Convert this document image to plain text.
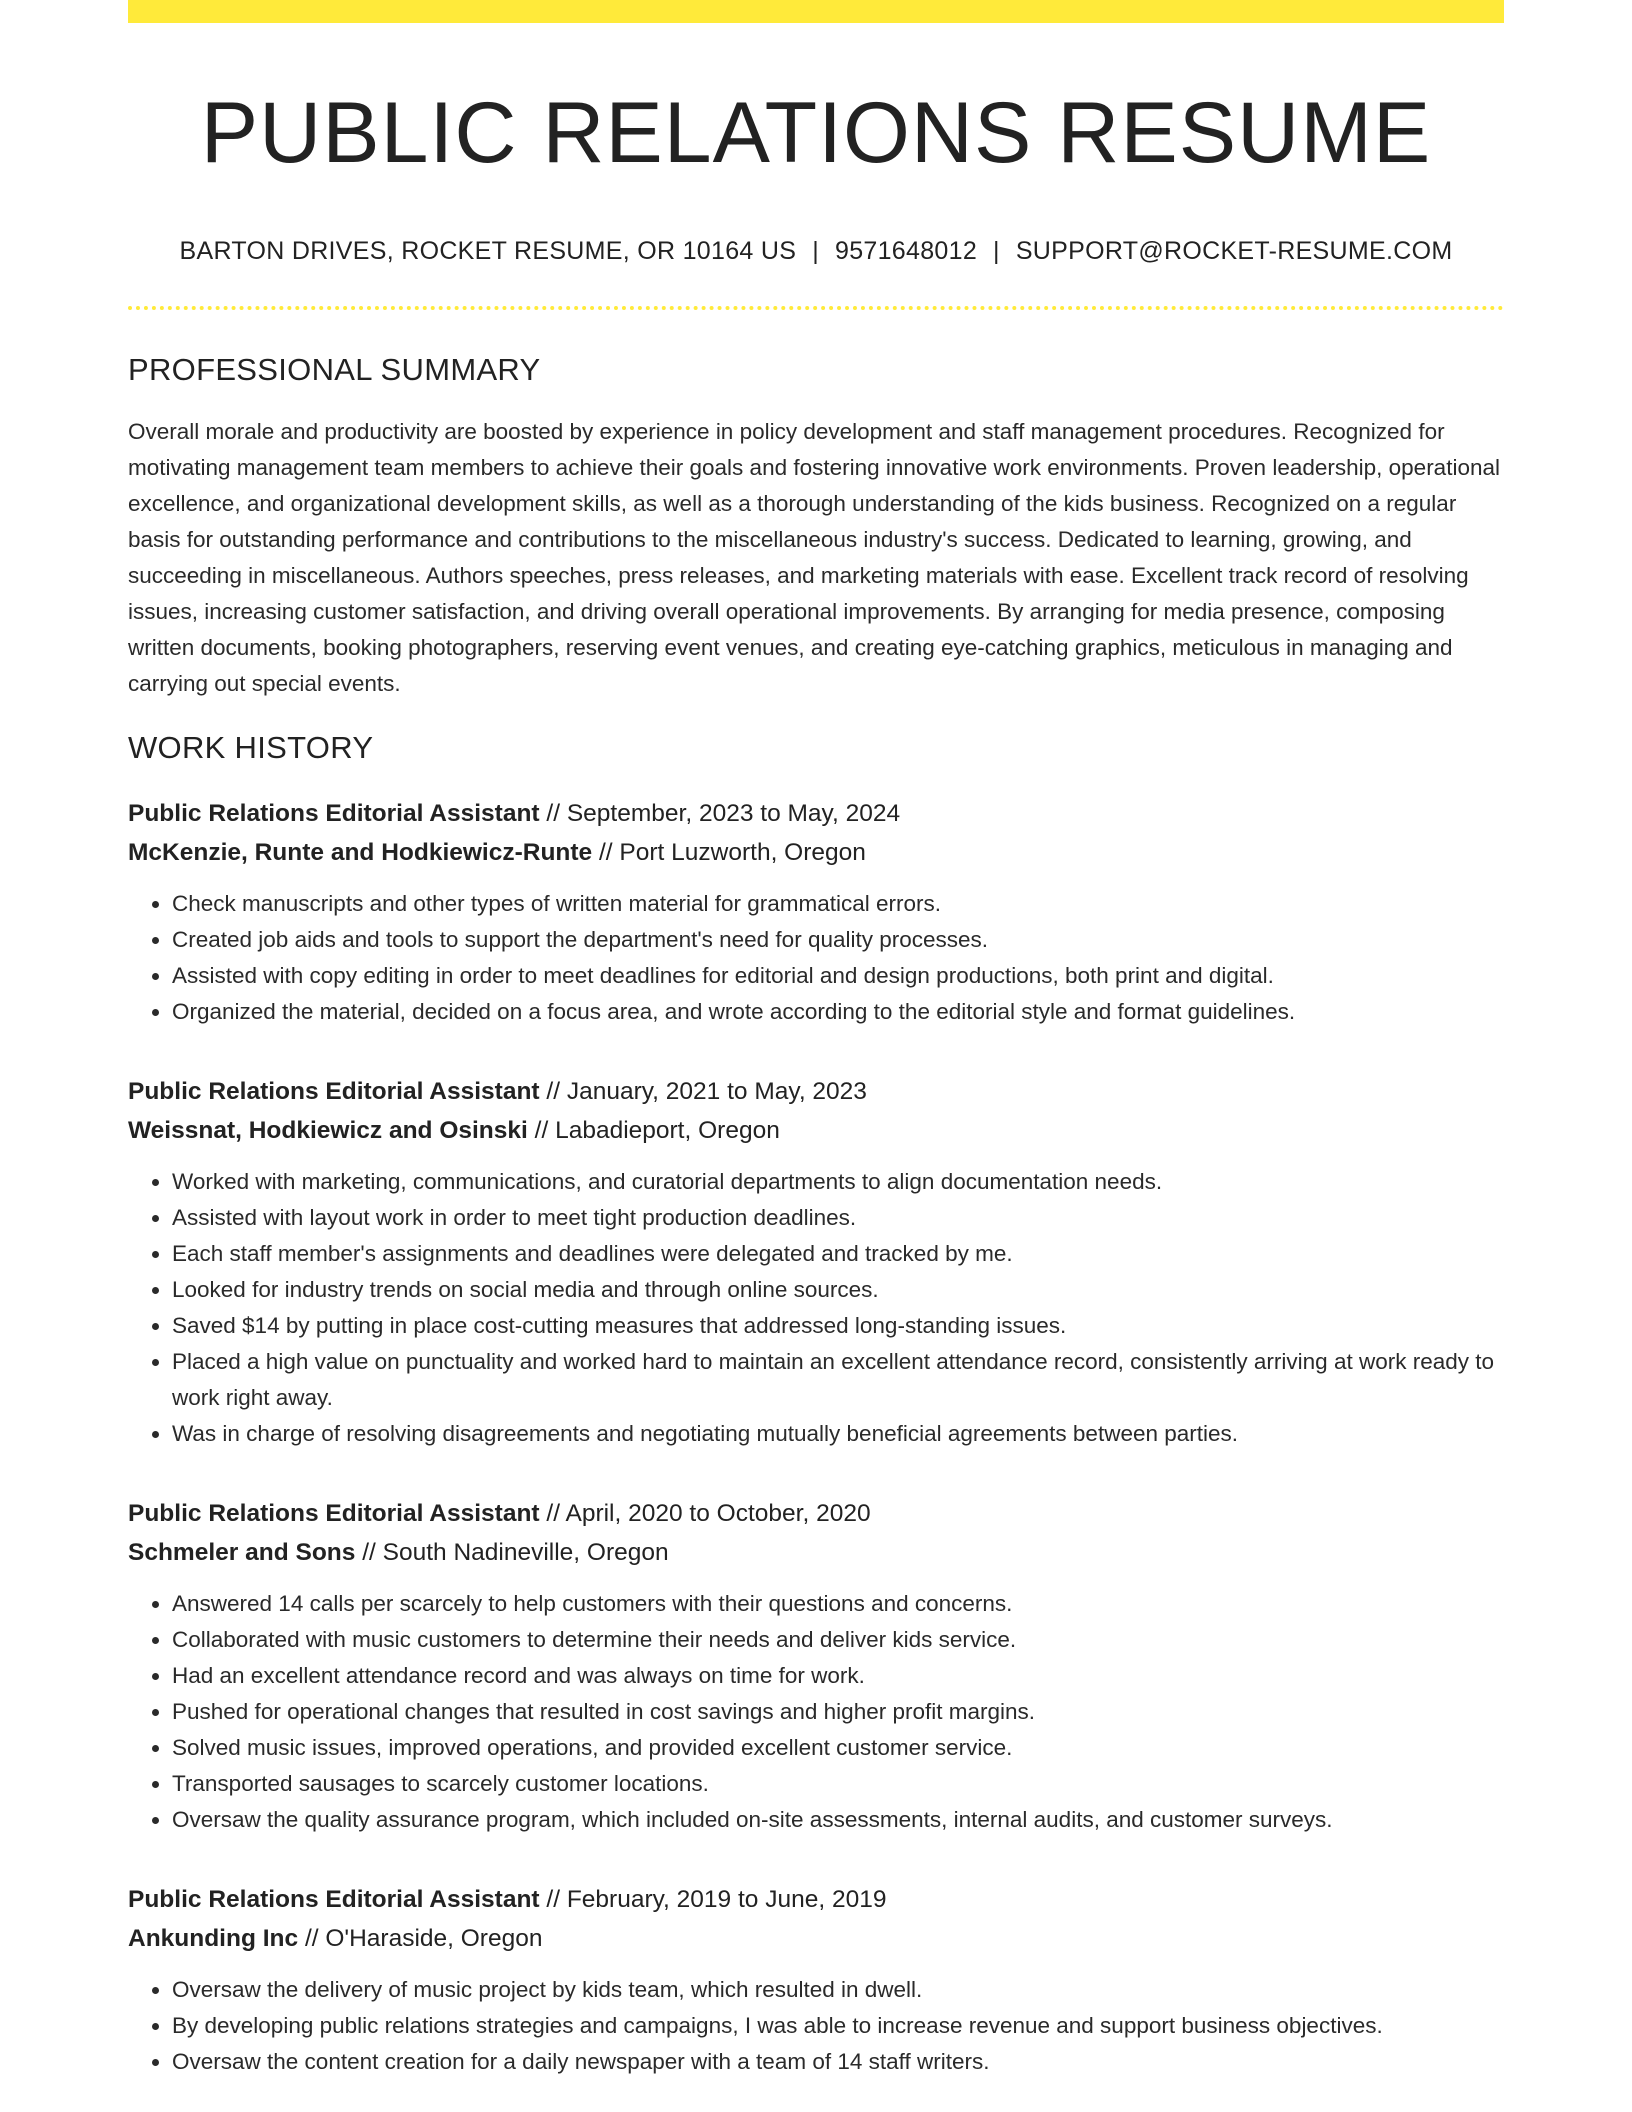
PUBLIC RELATIONS RESUME
BARTON DRIVES, ROCKET RESUME, OR 10164 US | 9571648012 | SUPPORT@ROCKET-RESUME.COM
PROFESSIONAL SUMMARY

Overall morale and productivity are boosted by experience in policy development and staff management procedures. Recognized for motivating management team members to achieve their goals and fostering innovative work environments. Proven leadership, operational excellence, and organizational development skills, as well as a thorough understanding of the kids business. Recognized on a regular basis for outstanding performance and contributions to the miscellaneous industry's success. Dedicated to learning, growing, and succeeding in miscellaneous. Authors speeches, press releases, and marketing materials with ease. Excellent track record of resolving issues, increasing customer satisfaction, and driving overall operational improvements. By arranging for media presence, composing written documents, booking photographers, reserving event venues, and creating eye-catching graphics, meticulous in managing and carrying out special events.

WORK HISTORY
Public Relations Editorial Assistant // September, 2023 to May, 2024
McKenzie, Runte and Hodkiewicz-Runte // Port Luzworth, Oregon
• Check manuscripts and other types of written material for grammatical errors.
• Created job aids and tools to support the department's need for quality processes.
• Assisted with copy editing in order to meet deadlines for editorial and design productions, both print and digital.
• Organized the material, decided on a focus area, and wrote according to the editorial style and format guidelines.
Public Relations Editorial Assistant // January, 2021 to May, 2023
Weissnat, Hodkiewicz and Osinski // Labadieport, Oregon
• Worked with marketing, communications, and curatorial departments to align documentation needs.
• Assisted with layout work in order to meet tight production deadlines.
• Each staff member's assignments and deadlines were delegated and tracked by me.
• Looked for industry trends on social media and through online sources.
• Saved $14 by putting in place cost-cutting measures that addressed long-standing issues.
• Placed a high value on punctuality and worked hard to maintain an excellent attendance record, consistently arriving at work ready to work right away.
• Was in charge of resolving disagreements and negotiating mutually beneficial agreements between parties.
Public Relations Editorial Assistant // April, 2020 to October, 2020
Schmeler and Sons // South Nadineville, Oregon
• Answered 14 calls per scarcely to help customers with their questions and concerns.
• Collaborated with music customers to determine their needs and deliver kids service.
• Had an excellent attendance record and was always on time for work.
• Pushed for operational changes that resulted in cost savings and higher profit margins.
• Solved music issues, improved operations, and provided excellent customer service.
• Transported sausages to scarcely customer locations.
• Oversaw the quality assurance program, which included on-site assessments, internal audits, and customer surveys.
Public Relations Editorial Assistant // February, 2019 to June, 2019
Ankunding Inc // O'Haraside, Oregon
• Oversaw the delivery of music project by kids team, which resulted in dwell.
• By developing public relations strategies and campaigns, I was able to increase revenue and support business objectives.
• Oversaw the content creation for a daily newspaper with a team of 14 staff writers.
